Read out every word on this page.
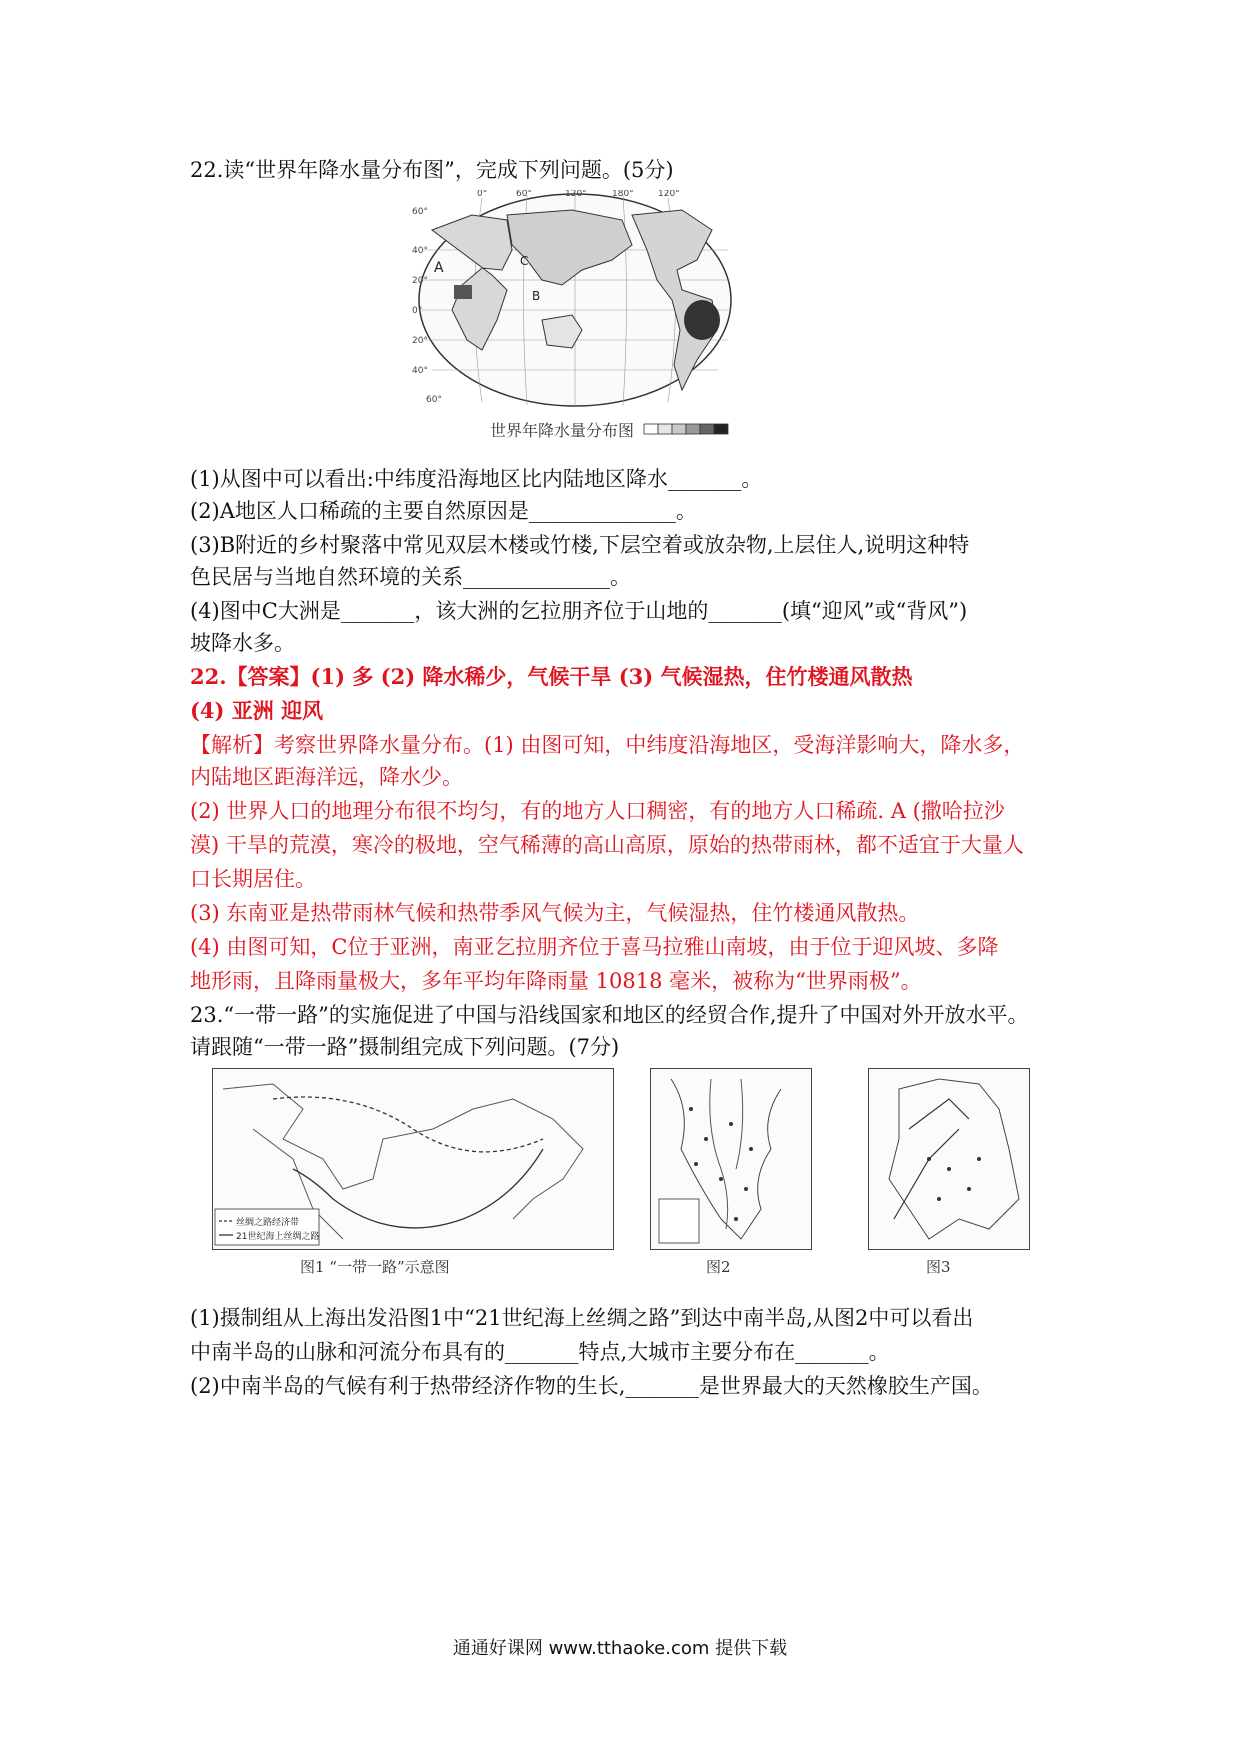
22.读“世界年降水量分布图”，完成下列问题。(5分)
A
B
C
0°	60°	120°	180°	120°
60°
40°
20°
0°
20°
40°
60°
世界年降水量分布图
(1)从图中可以看出:中纬度沿海地区比内陆地区降水_______。
(2)A地区人口稀疏的主要自然原因是______________。
(3)B附近的乡村聚落中常见双层木楼或竹楼,下层空着或放杂物,上层住人,说明这种特
色民居与当地自然环境的关系______________。
(4)图中C大洲是_______，该大洲的乞拉朋齐位于山地的_______(填“迎风”或“背风”)
坡降水多。
22.【答案】(1) 多 (2) 降水稀少，气候干旱 (3) 气候湿热，住竹楼通风散热
(4) 亚洲 迎风
【解析】考察世界降水量分布。(1) 由图可知，中纬度沿海地区，受海洋影响大，降水多，
内陆地区距海洋远，降水少。
(2) 世界人口的地理分布很不均匀，有的地方人口稠密，有的地方人口稀疏. A (撒哈拉沙
漠) 干旱的荒漠，寒冷的极地，空气稀薄的高山高原，原始的热带雨林，都不适宜于大量人
口长期居住。
(3) 东南亚是热带雨林气候和热带季风气候为主，气候湿热，住竹楼通风散热。
(4) 由图可知，C位于亚洲，南亚乞拉朋齐位于喜马拉雅山南坡，由于位于迎风坡、多降
地形雨，且降雨量极大，多年平均年降雨量 10818 毫米，被称为“世界雨极”。
23.“一带一路”的实施促进了中国与沿线国家和地区的经贸合作,提升了中国对外开放水平。
请跟随“一带一路”摄制组完成下列问题。(7分)
丝绸之路经济带
21世纪海上丝绸之路
图1 “一带一路”示意图	图2	图3
(1)摄制组从上海出发沿图1中“21世纪海上丝绸之路”到达中南半岛,从图2中可以看出
中南半岛的山脉和河流分布具有的_______特点,大城市主要分布在_______。
(2)中南半岛的气候有利于热带经济作物的生长,_______是世界最大的天然橡胶生产国。
通通好课网 www.tthaoke.com 提供下载
